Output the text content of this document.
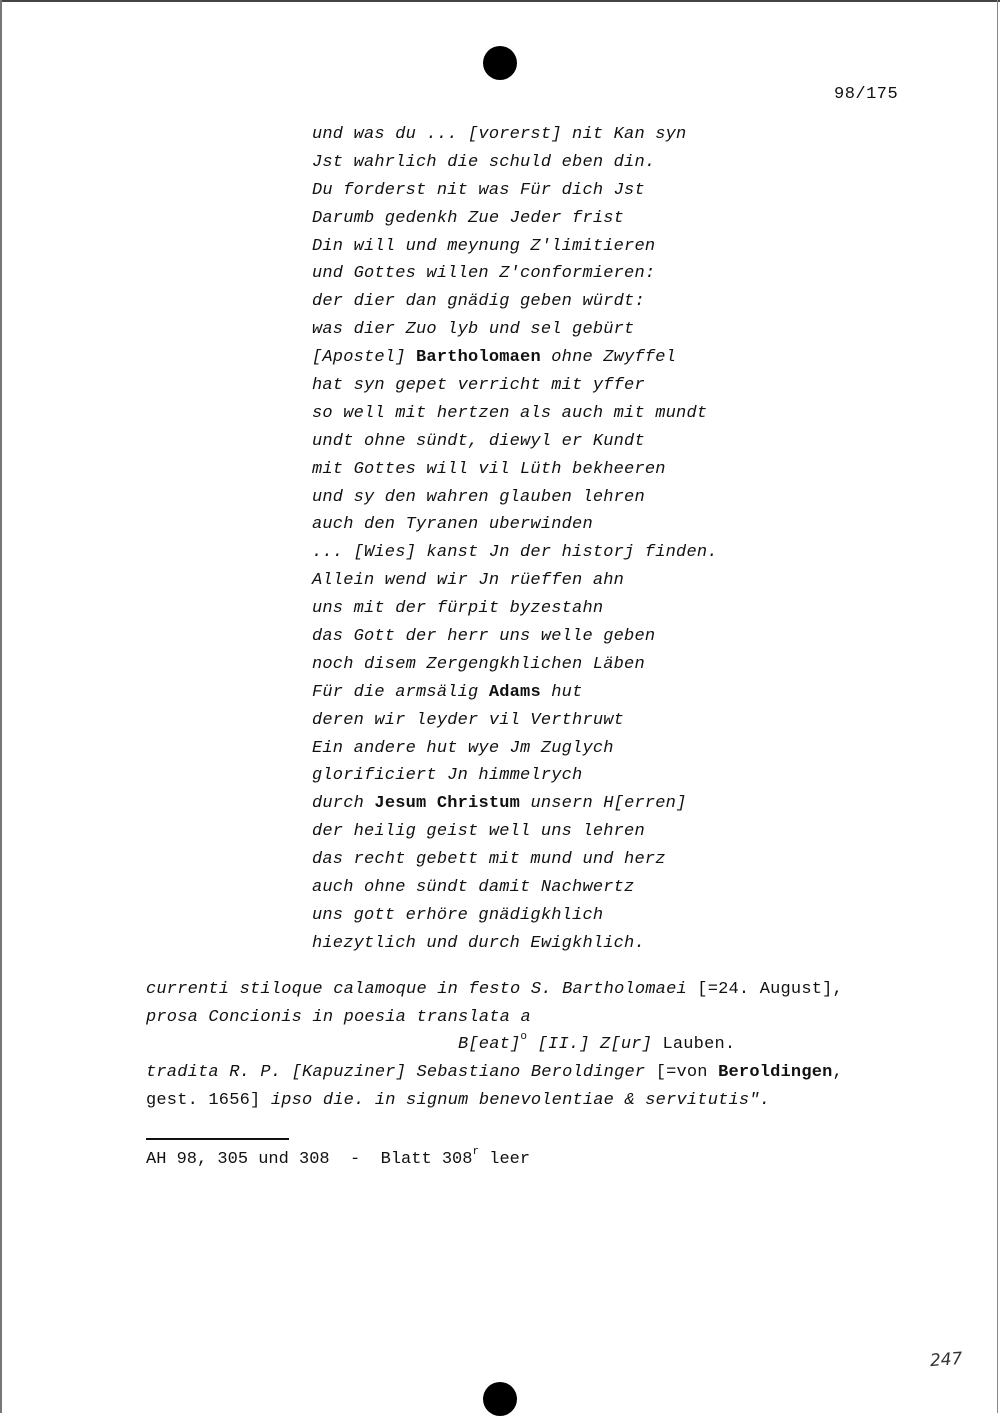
98/175
und was du ... [vorerst] nit Kan syn
Jst wahrlich die schuld eben din.
Du forderst nit was Für dich Jst
Darumb gedenkh Zue Jeder frist
Din will und meynung Z'limitieren
und Gottes willen Z'conformieren:
der dier dan gnädig geben würdt:
was dier Zuo lyb und sel gebürt
[Apostel] Bartholomaen ohne Zwyffel
hat syn gepet verricht mit yffer
so well mit hertzen als auch mit mundt
undt ohne sündt, diewyl er Kundt
mit Gottes will vil Lüth bekheeren
und sy den wahren glauben lehren
auch den Tyranen uberwinden
... [Wies] kanst Jn der historj finden.
Allein wend wir Jn rüeffen ahn
uns mit der fürpit byzestahn
das Gott der herr uns welle geben
noch disem Zergengkhlichen Läben
Für die armsälig Adams hut
deren wir leyder vil Verthruwt
Ein andere hut wye Jm Zuglych
glorificiert Jn himmelrych
durch Jesum Christum unsern H[erren]
der heilig geist well uns lehren
das recht gebett mit mund und herz
auch ohne sündt damit Nachwertz
uns gott erhöre gnädigkhlich
hiezytlich und durch Ewigkhlich.
currenti stiloque calamoque in festo S. Bartholomaei [=24. August],
prosa Concionis in poesia translata a
B[eat]$^o$ [II.] Z[ur] Lauben.
tradita R. P. [Kapuziner] Sebastiano Beroldinger [=von Beroldingen,
gest. 1656] ipso die. in signum benevolentiae & servitutis".
AH 98, 305 und 308  -  Blatt 308$^r$ leer
247
